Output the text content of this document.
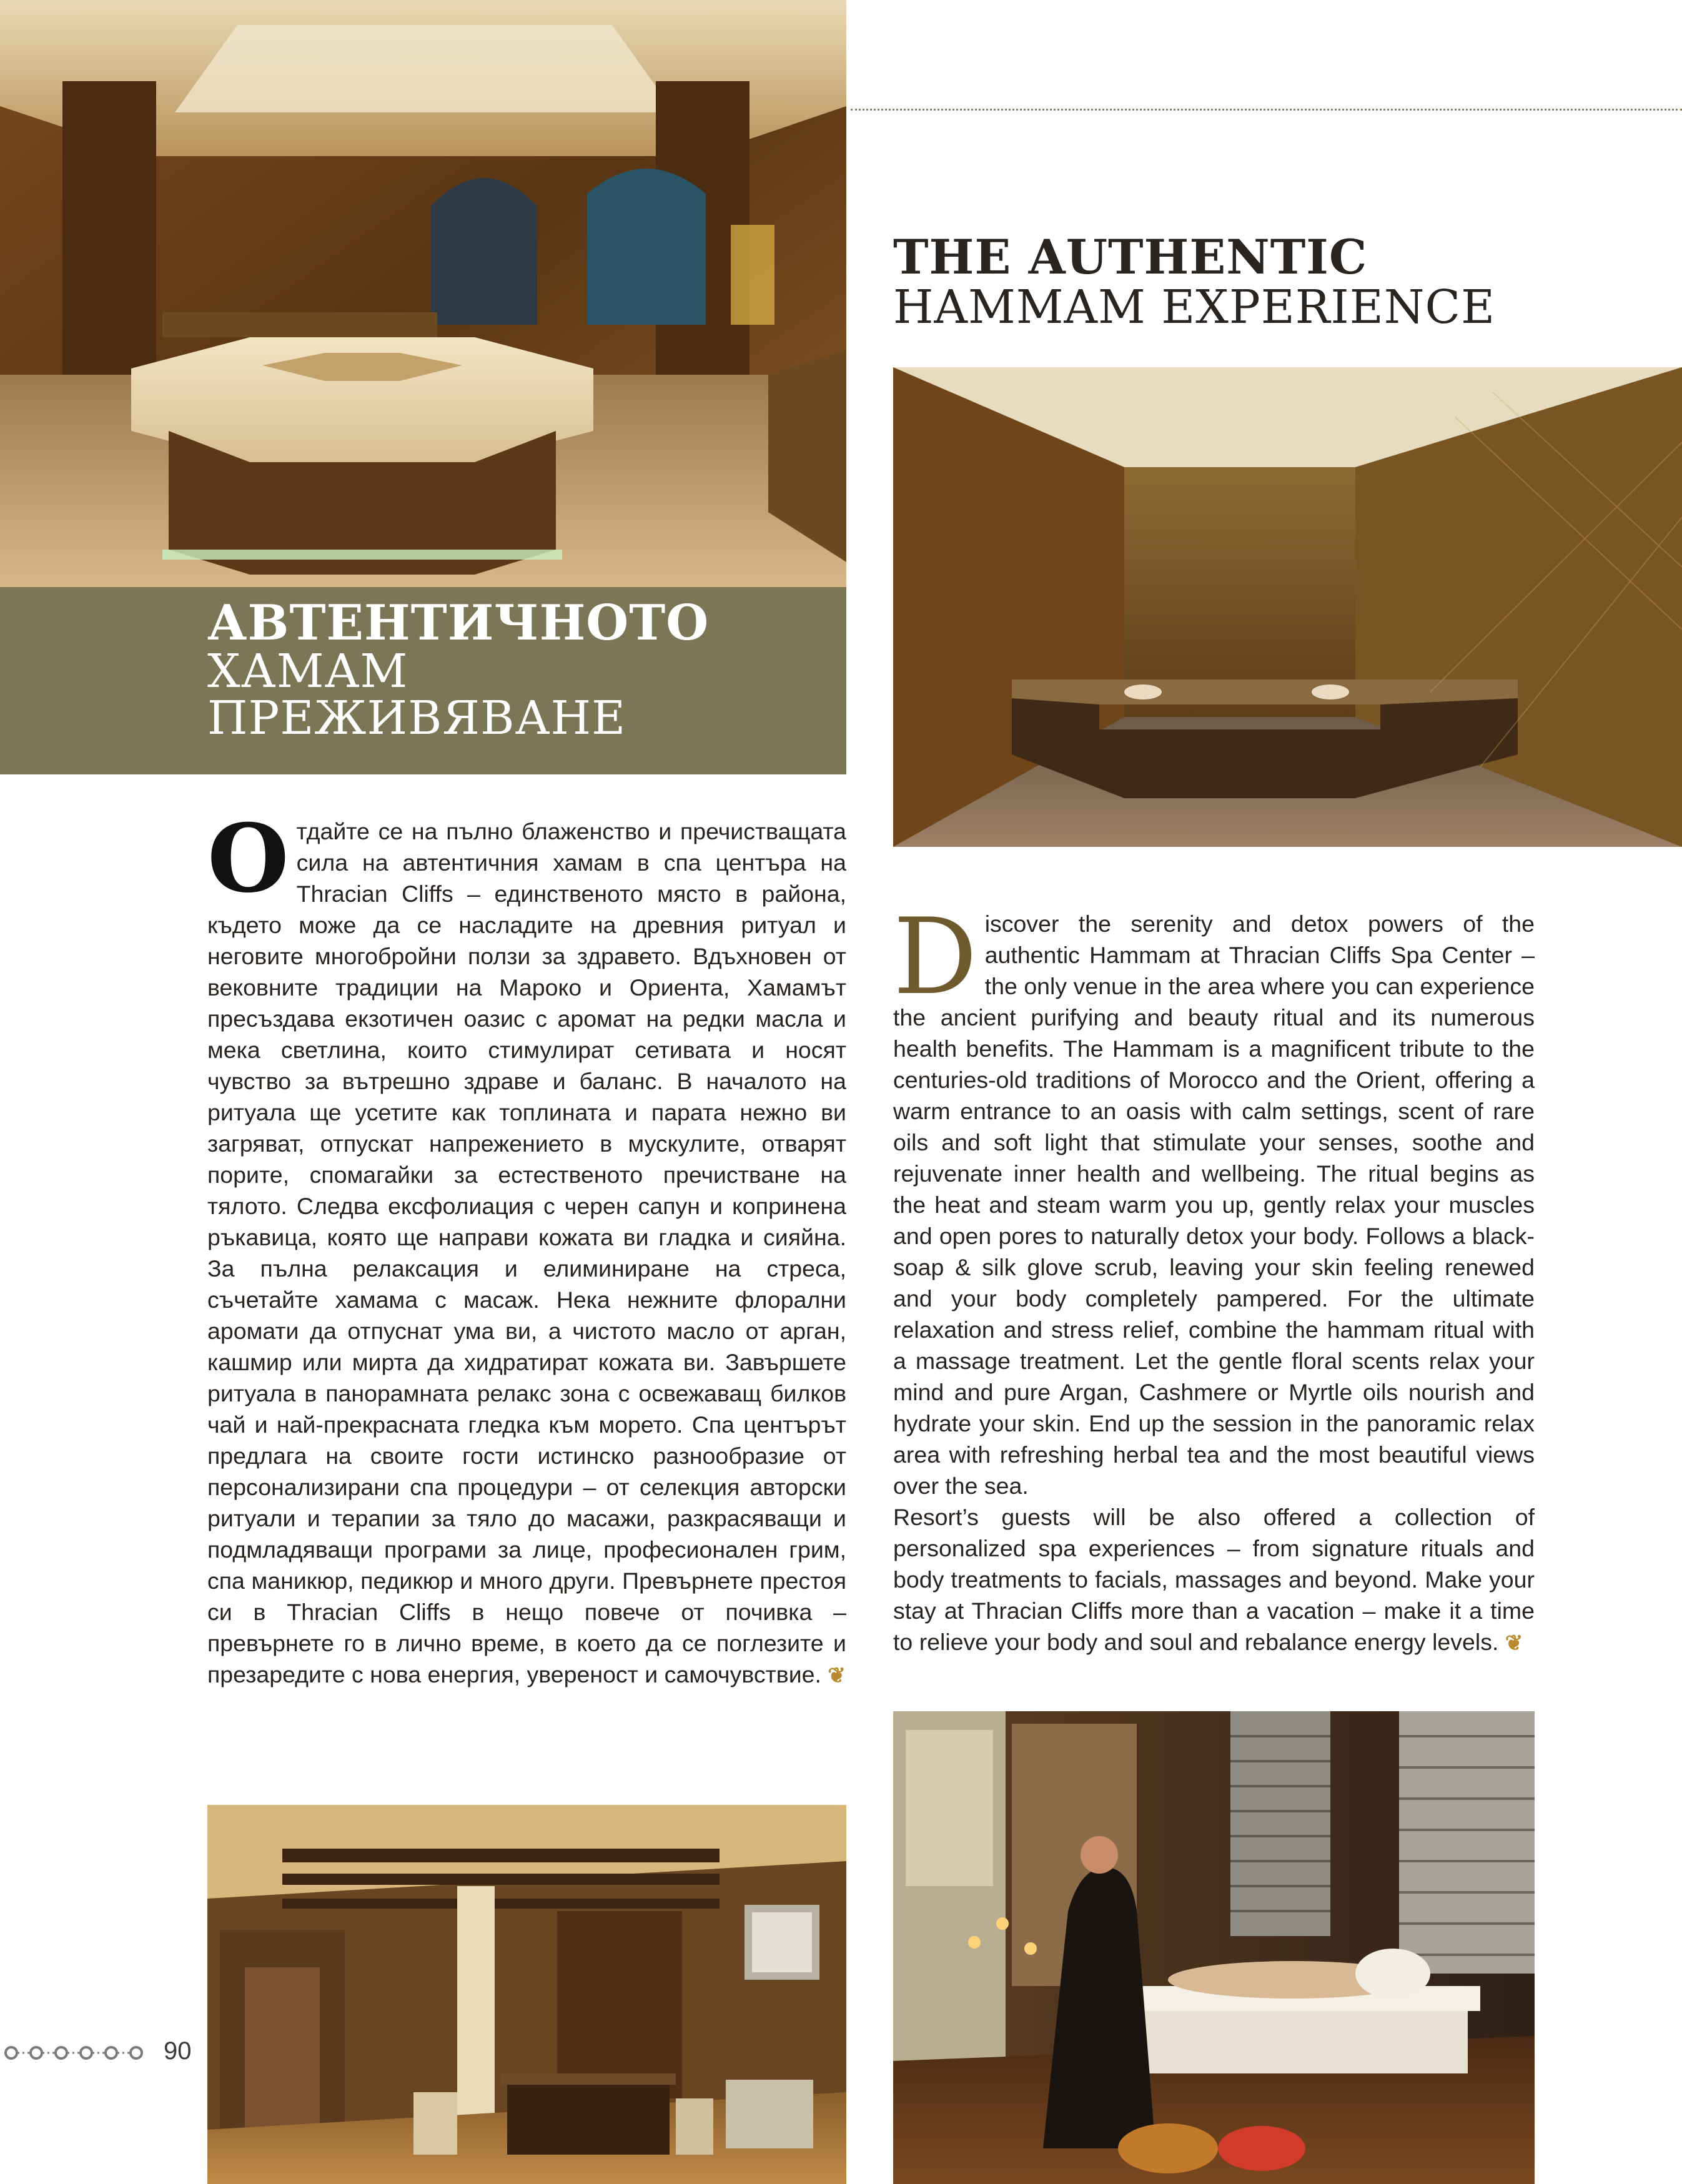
АВТЕНТИЧНОТО
ХАМАМ
ПРЕЖИВЯВАНЕ
THE AUTHENTIC
HAMMAM EXPERIENCE

Отдайте се на пълно блаженство и пречистващата сила на автентичния хамам в спа центъра на Thracian Cliffs – единственото място в района, където може да се насладите на древния ритуал и неговите многобройни ползи за здравето. Вдъхновен от вековните традиции на Мароко и Ориента, Хамамът пресъздава екзотичен оазис с аромат на редки масла и мека светлина, които стимулират сетивата и носят чувство за вътрешно здраве и баланс. В началото на ритуала ще усетите как топлината и парата нежно ви загряват, отпускат напрежението в мускулите, отварят порите, спомагайки за естественото пречистване на тялото. Следва ексфолиация с черен сапун и копринена ръкавица, която ще направи кожата ви гладка и сияйна. За пълна релаксация и елиминиране на стреса, съчетайте хамама с масаж. Нека нежните флорални аромати да отпуснат ума ви, а чистото масло от арган, кашмир или мирта да хидратират кожата ви. Завършете ритуала в панорамната релакс зона с освежаващ билков чай и най-прекрасната гледка към морето. Спа центърът предлага на своите гости истинско разнообразие от персонализирани спа процедури – от селекция авторски ритуали и терапии за тяло до масажи, разкрасяващи и подмладяващи програми за лице, професионален грим, спа маникюр, педикюр и много други. Превърнете престоя си в Thracian Cliffs в нещо повече от почивка – превърнете го в лично време, в което да се поглезите и презаредите с нова енергия, увереност и самочувствие. ❦

Discover the serenity and detox powers of the authentic Hammam at Thracian Cliffs Spa Center – the only venue in the area where you can experience the ancient purifying and beauty ritual and its numerous health benefits. The Hammam is a magnificent tribute to the centuries-old traditions of Morocco and the Orient, offering a warm entrance to an oasis with calm settings, scent of rare oils and soft light that stimulate your senses, soothe and rejuvenate inner health and wellbeing. The ritual begins as the heat and steam warm you up, gently relax your muscles and open pores to naturally detox your body. Follows a black-soap & silk glove scrub, leaving your skin feeling renewed and your body completely pampered. For the ultimate relaxation and stress relief, combine the hammam ritual with a massage treatment. Let the gentle floral scents relax your mind and pure Argan, Cashmere or Myrtle oils nourish and hydrate your skin. End up the session in the panoramic relax area with refreshing herbal tea and the most beautiful views over the sea.

Resort’s guests will be also offered a collection of personalized spa experiences – from signature rituals and body treatments to facials, massages and beyond. Make your stay at Thracian Cliffs more than a vacation – make it a time to relieve your body and soul and rebalance energy levels. ❦

90
